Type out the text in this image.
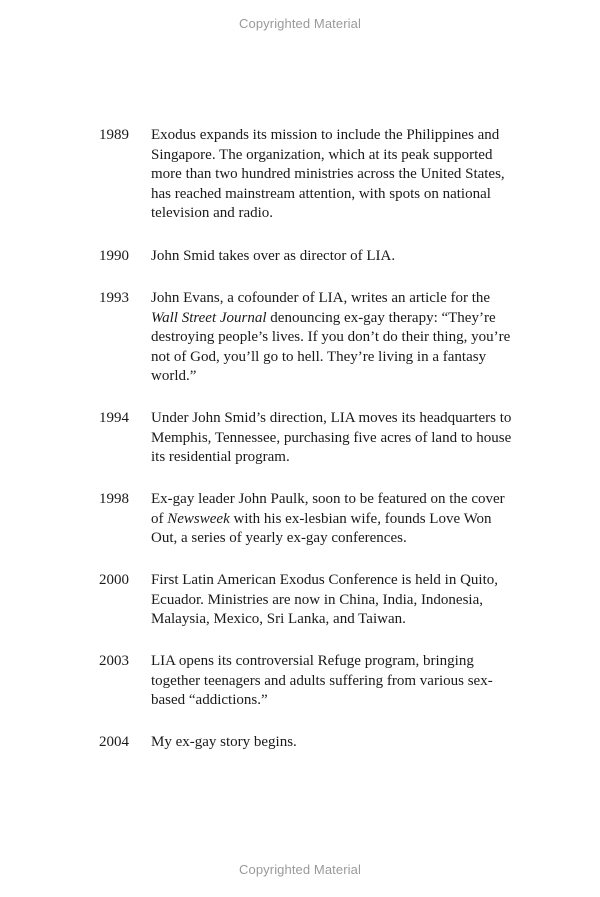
Copyrighted Material
1989	Exodus expands its mission to include the Philippines and Singapore. The organization, which at its peak supported more than two hundred ministries across the United States, has reached mainstream attention, with spots on national television and radio.
1990	John Smid takes over as director of LIA.
1993	John Evans, a cofounder of LIA, writes an article for the Wall Street Journal denouncing ex-gay therapy: “They’re destroying people’s lives. If you don’t do their thing, you’re not of God, you’ll go to hell. They’re living in a fantasy world.”
1994	Under John Smid’s direction, LIA moves its headquarters to Memphis, Tennessee, purchasing five acres of land to house its residential program.
1998	Ex-gay leader John Paulk, soon to be featured on the cover of Newsweek with his ex-lesbian wife, founds Love Won Out, a series of yearly ex-gay conferences.
2000	First Latin American Exodus Conference is held in Quito, Ecuador. Ministries are now in China, India, Indonesia, Malaysia, Mexico, Sri Lanka, and Taiwan.
2003	LIA opens its controversial Refuge program, bringing together teenagers and adults suffering from various sex-based “addictions.”
2004	My ex-gay story begins.
Copyrighted Material
